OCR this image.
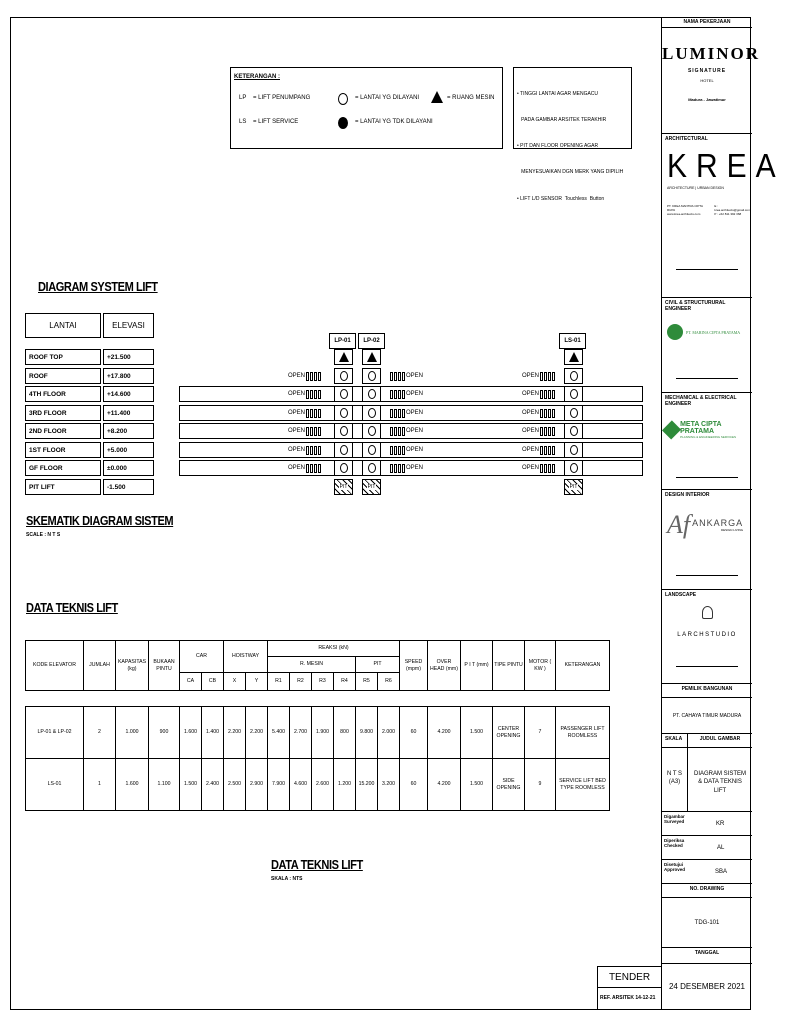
KETERANGAN :
LP = LIFT PENUMPANG
LS = LIFT SERVICE
= LANTAI YG DILAYANI
= LANTAI YG TDK DILAYANI
= RUANG MESIN

• TINGGI LANTAI AGAR MENGACU

PADA GAMBAR ARSITEK TERAKHIR

• PIT DAN FLOOR OPENING AGAR

MENYESUAIKAN DGN MERK YANG DIPILIH

• LIFT L/D SENSOR  Touchless  Button

DIAGRAM SYSTEM LIFT
LANTAI	ELEVASI
ROOF TOP	+21.500
ROOF	+17.800
4TH FLOOR	+14.600
3RD FLOOR	+11.400
2ND FLOOR	+8.200
1ST FLOOR	+5.000
GF FLOOR	±0.000
PIT LIFT	-1.500
LP-01	LP-02	LS-01
OPEN	OPEN	OPEN
OPEN	OPEN	OPEN
OPEN	OPEN	OPEN
OPEN	OPEN	OPEN
OPEN	OPEN	OPEN
OPEN	OPEN	OPEN
PIT	PIT	PIT
SKEMATIK DIAGRAM SISTEM
SCALE : N T S
DATA TEKNIS LIFT
KODE ELEVATOR	JUMLAH	KAPASITAS (kg)	BUKAAN PINTU	CAR		HOISTWAY		REAKSI (kN)						SPEED (mpm)	OVER HEAD (mm)	P I T (mm)	TIPE PINTU	MOTOR ( KW )	KETERANGAN
								R. MESIN				PIT							
				CA	CB	X	Y	R1	R2	R3	R4	R5	R6						

LP-01 & LP-02	2	1.000	900	1.600	1.400	2.200	2.200	5.400	2.700	1.900	800	9.800	2.000	60	4.200	1.500	CENTER OPENING	7	PASSENGER LIFT ROOMLESS
LS-01	1	1.600	1.100	1.500	2.400	2.500	2.900	7.900	4.600	2.600	1.200	15.200	3.200	60	4.200	1.500	SIDE OPENING	9	SERVICE LIFT BED TYPE ROOMLESS
DATA TEKNIS LIFT
SKALA : NTS
TENDER
REF. ARSITEK 14-12-21
NAMA PEKERJAAN
LUMINOR
SIGNATURE
HOTEL
Madura - Jawatimur
ARCHITECTURAL
KREA
ARCHITECTURE | URBAN DESIGN
PT. KREA MANTRA CIPTA RUPA
www.krea-architects.com
E : krea.architects@gmail.com
P : +62 811 392 368
CIVIL & STRUCTURURAL ENGINEER
PT. MARINA CIPTA PRATAMA
MECHANICAL & ELECTRICAL ENGINEER
META CIPTA PRATAMA
PLANNING & ENGINEERING SERVICES
DESIGN INTERIOR
Af ANKARGA
DESIGN LIVING
LANDSCAPE
LARCHSTUDIO
PEMILIK BANGUNAN
PT. CAHAYA TIMUR MADURA
SKALA	JUDUL GAMBAR
N T S
(A3)
DIAGRAM SISTEM & DATA TEKNIS LIFT
Digambar
Surveyed	KR
Diperiksa
Checked	AL
Disetujui
Approved	SBA
NO. DRAWING
TDG-101
TANGGAL
24 DESEMBER 2021
